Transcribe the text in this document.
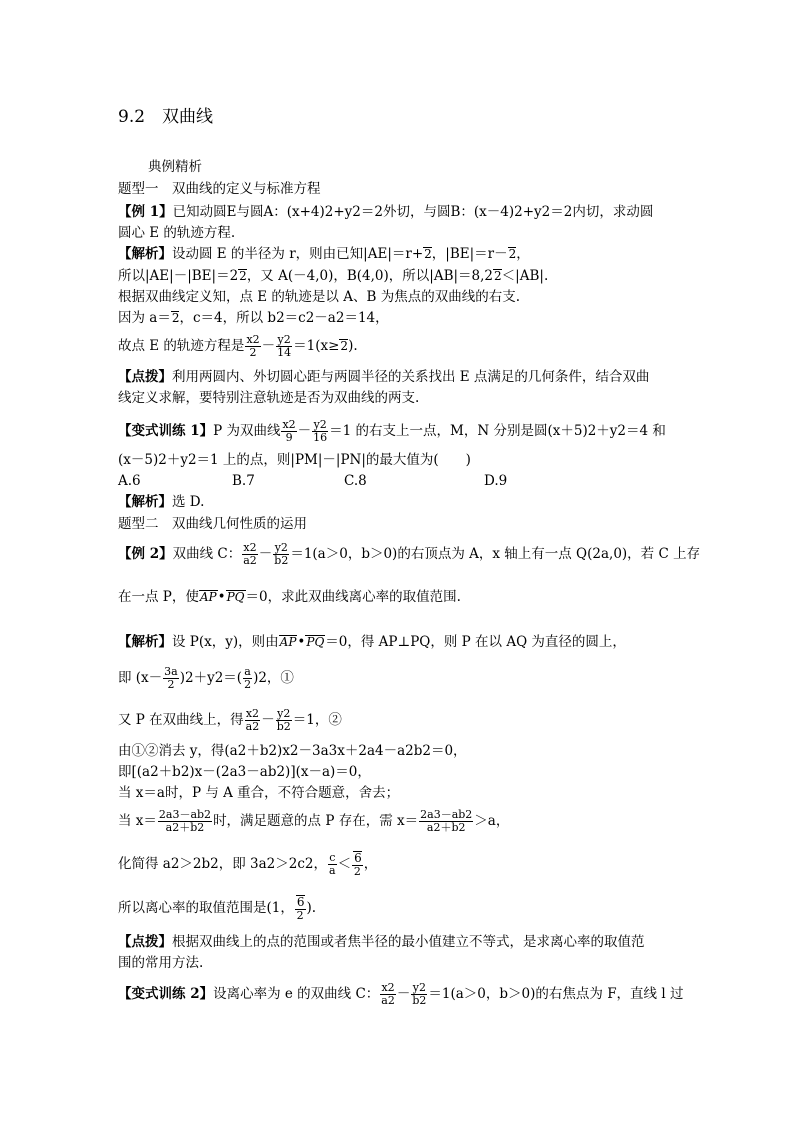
9.2　双曲线
典例精析
题型一　双曲线的定义与标准方程
【例 1】已知动圆E与圆A：(x+4)2+y2＝2外切，与圆B：(x－4)2+y2＝2内切，求动圆
圆心 E 的轨迹方程.
【解析】设动圆 E 的半径为 r，则由已知|AE|＝r+2，|BE|＝r－2，
所以|AE|－|BE|＝22，又 A(－4,0)，B(4,0)，所以|AB|＝8,22＜|AB|.
根据双曲线定义知，点 E 的轨迹是以 A、B 为焦点的双曲线的右支.
因为 a＝2，c＝4，所以 b2＝c2－a2＝14，
故点 E 的轨迹方程是 $\frac{x2}{2} - \frac{y2}{14} =1(x\ge 2)$.
【点拨】利用两圆内、外切圆心距与两圆半径的关系找出 E 点满足的几何条件，结合双曲
线定义求解，要特别注意轨迹是否为双曲线的两支.
【变式训练 1】P 为双曲线 $\frac{x2}{9} - \frac{y2}{16} =1$ 的右支上一点，M，N 分别是圆(x＋5)2＋y2＝4 和
(x－5)2＋y2＝1 上的点，则|PM|－|PN|的最大值为(　　)
A.6	B.7	C.8	D.9
【解析】选 D.
题型二　双曲线几何性质的运用
【例 2】双曲线 C： $\frac{x2}{a2} - \frac{y2}{b2} =1(a>0$，b＞0)的右顶点为 A，x 轴上有一点 Q(2a,0)，若 C 上存
在一点 P，使AP•PQ＝0，求此双曲线离心率的取值范围.
【解析】设 P(x，y)，则由AP•PQ＝0，得 AP⊥PQ，则 P 在以 AQ 为直径的圆上，
即 $(x- \frac{3a}{2} )2+y2=( \frac{a}{2} )2$，①
又 P 在双曲线上，得 $\frac{x2}{a2} - \frac{y2}{b2} =1$，②
由①②消去 y，得(a2＋b2)x2－3a3x＋2a4－a2b2＝0，
即[(a2＋b2)x－(2a3－ab2)](x－a)＝0，
当 x＝a时，P 与 A 重合，不符合题意，舍去；
当 $x= \frac{2a3-ab2}{a2+b2}$ 时，满足题意的点 P 存在，需 $x= \frac{2a3-ab2}{a2+b2} >a$，
化简得 a2＞2b2，即 3a2＞2c2， $\frac{c}{a} < \frac{6}{2}$ ，
所以离心率的取值范围是(1， $\frac{6}{2}$ ).
【点拨】根据双曲线上的点的范围或者焦半径的最小值建立不等式，是求离心率的取值范
围的常用方法.
【变式训练 2】设离心率为 e 的双曲线 C： $\frac{x2}{a2} - \frac{y2}{b2} =1(a>0$，b＞0)的右焦点为 F，直线 l 过
